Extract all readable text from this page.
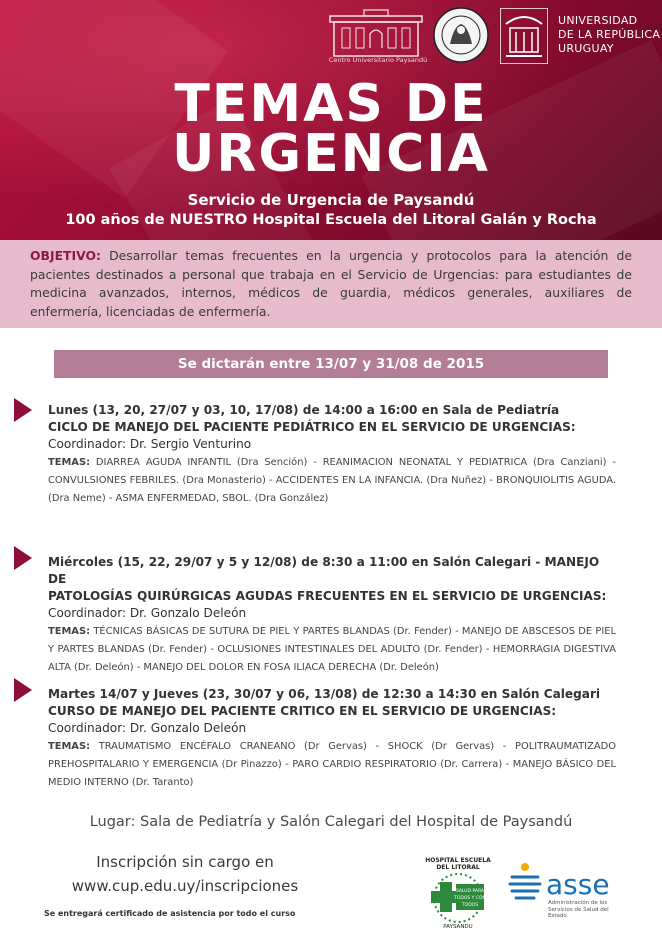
Centro Universitario Paysandú
UNIVERSIDAD
DE LA REPÚBLICA
URUGUAY
TEMAS DE
URGENCIA
Servicio de Urgencia de Paysandú
100 años de NUESTRO Hospital Escuela del Litoral Galán y Rocha
OBJETIVO: Desarrollar temas frecuentes en la urgencia y protocolos para la atención de pacientes destinados a personal que trabaja en el Servicio de Urgencias: para estudiantes de medicina avanzados, internos, médicos de guardia, médicos generales, auxiliares de enfermería, licenciadas de enfermería.
Se dictarán entre 13/07 y 31/08 de 2015
Lunes (13, 20, 27/07 y 03, 10, 17/08) de 14:00 a 16:00 en Sala de Pediatría
CICLO DE MANEJO DEL PACIENTE PEDIÁTRICO EN EL SERVICIO DE URGENCIAS:
Coordinador: Dr. Sergio Venturino
TEMAS: DIARREA AGUDA INFANTIL (Dra Sención) - REANIMACION NEONATAL Y PEDIATRICA (Dra Canziani) - CONVULSIONES FEBRILES. (Dra Monasterio) - ACCIDENTES EN LA INFANCIA. (Dra Nuñez) - BRONQUIOLITIS AGUDA. (Dra Neme) - ASMA ENFERMEDAD, SBOL. (Dra González)
Miércoles (15, 22, 29/07 y 5 y 12/08) de 8:30 a 11:00 en Salón Calegari - MANEJO DE
PATOLOGÍAS QUIRÚRGICAS AGUDAS FRECUENTES EN EL SERVICIO DE URGENCIAS:
Coordinador: Dr. Gonzalo Deleón
TEMAS: TÉCNICAS BÁSICAS DE SUTURA DE PIEL Y PARTES BLANDAS (Dr. Fender) - MANEJO DE ABSCESOS DE PIEL Y PARTES BLANDAS (Dr. Fender) - OCLUSIONES INTESTINALES DEL ADULTO (Dr. Fender) - HEMORRAGIA DIGESTIVA ALTA (Dr. Deleón) - MANEJO DEL DOLOR EN FOSA ILIACA DERECHA (Dr. Deleón)
Martes 14/07 y Jueves (23, 30/07 y 06, 13/08) de 12:30 a 14:30 en Salón Calegari
CURSO DE MANEJO DEL PACIENTE CRITICO EN EL SERVICIO DE URGENCIAS:
Coordinador: Dr. Gonzalo Deleón
TEMAS: TRAUMATISMO ENCÉFALO CRANEANO (Dr Gervas) - SHOCK (Dr Gervas) - POLITRAUMATIZADO PREHOSPITALARIO Y EMERGENCIA (Dr Pinazzo) - PARO CARDIO RESPIRATORIO (Dr. Carrera) - MANEJO BÁSICO DEL MEDIO INTERNO (Dr. Taranto)
Lugar: Sala de Pediatría y Salón Calegari del Hospital de Paysandú
Inscripción sin cargo en
www.cup.edu.uy/inscripciones
Se entregará certificado de asistencia por todo el curso
HOSPITAL ESCUELA
DEL LITORAL
SALUD PARA
TODOS Y CON
TODOS
PAYSANDU
asse
Administración de los Servicios de Salud del Estado
